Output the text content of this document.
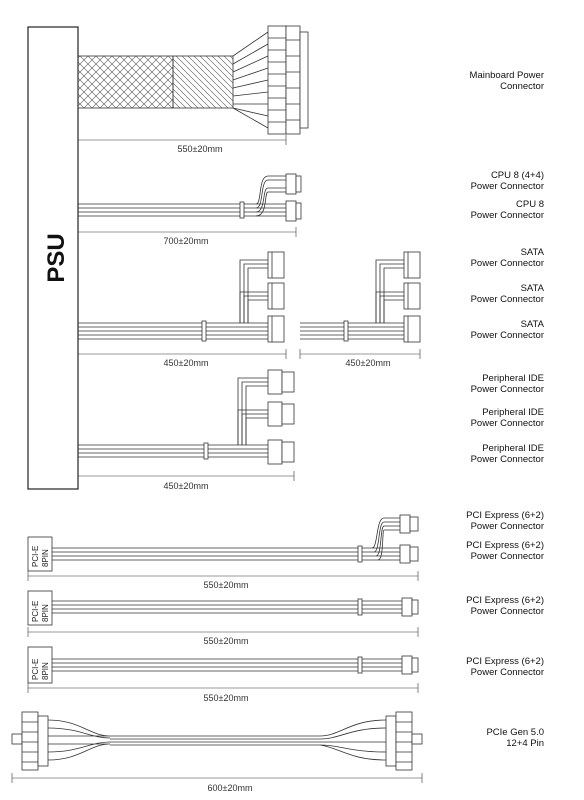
PSU
PCI-E 8PIN
PCI-E 8PIN
PCI-E 8PIN
550±20mm
700±20mm
450±20mm	450±20mm
450±20mm
550±20mm
550±20mm
550±20mm
600±20mm
Mainboard Power
Connector
CPU 8 (4+4)
Power Connector
CPU 8
Power Connector
SATA
Power Connector
SATA
Power Connector
SATA
Power Connector
Peripheral IDE
Power Connector
Peripheral IDE
Power Connector
Peripheral IDE
Power Connector
PCI Express (6+2)
Power Connector
PCI Express (6+2)
Power Connector
PCI Express (6+2)
Power Connector
PCI Express (6+2)
Power Connector
PCIe Gen 5.0
12+4 Pin
